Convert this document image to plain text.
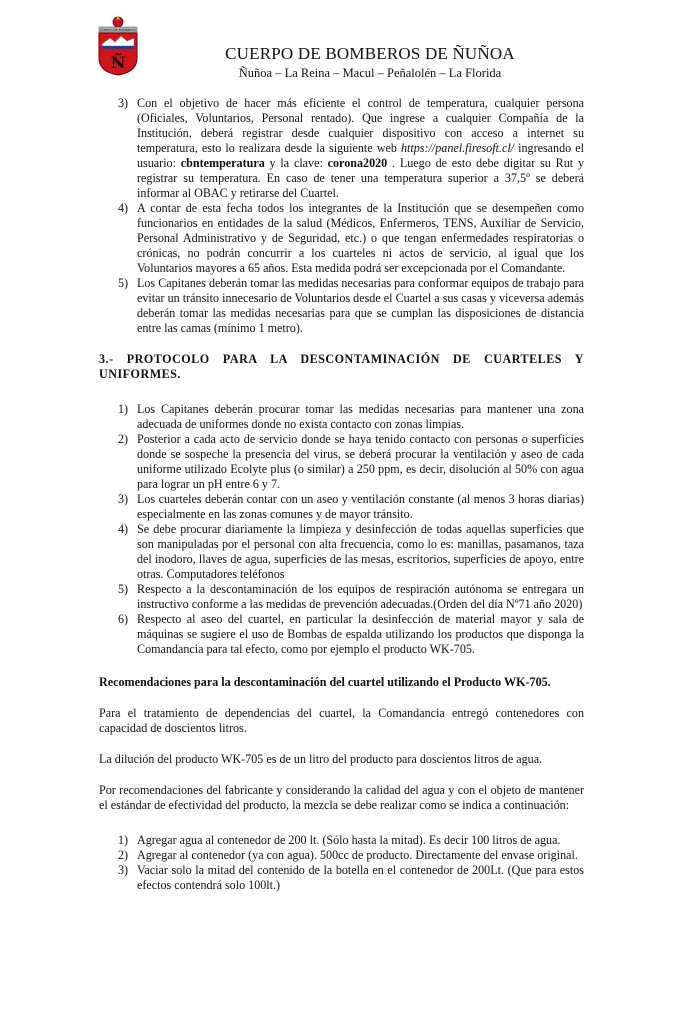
CUERPO DE BOMBEROS
Ñ	CUERPO DE BOMBEROS DE ÑUÑOA
Ñuñoa – La Reina – Macul – Peñalolén – La Florida
3) Con el objetivo de hacer más eficiente el control de temperatura, cualquier persona (Oficiales, Voluntarios, Personal rentado). Que ingrese a cualquier Compañía de la Institución, deberá registrar desde cualquier dispositivo con acceso a internet su temperatura, esto lo realizara desde la siguiente web https://panel.firesoft.cl/ ingresando el usuario: cbntemperatura y la clave: corona2020 . Luego de esto debe digitar su Rut y registrar su temperatura. En caso de tener una temperatura superior a 37,5º se deberá informar al OBAC y retirarse del Cuartel.
4) A contar de esta fecha todos los integrantes de la Institución que se desempeñen como funcionarios en entidades de la salud (Médicos, Enfermeros, TENS, Auxiliar de Servicio, Personal Administrativo y de Seguridad, etc.) o que tengan enfermedades respiratorias o crónicas, no podrán concurrir a los cuarteles ni actos de servicio, al igual que los Voluntarios mayores a 65 años. Esta medida podrá ser excepcionada por el Comandante.
5) Los Capitanes deberán tomar las medidas necesarias para conformar equipos de trabajo para evitar un tránsito innecesario de Voluntarios desde el Cuartel a sus casas y viceversa además deberán tomar las medidas necesarias para que se cumplan las disposiciones de distancia entre las camas (mínimo 1 metro).
3.- PROTOCOLO PARA LA DESCONTAMINACIÓN DE CUARTELES Y UNIFORMES.
1) Los Capitanes deberán procurar tomar las medidas necesarias para mantener una zona adecuada de uniformes donde no exista contacto con zonas limpias.
2) Posterior a cada acto de servicio donde se haya tenido contacto con personas o superficies donde se sospeche la presencia del virus, se deberá procurar la ventilación y aseo de cada uniforme utilizado Ecolyte plus (o similar) a 250 ppm, es decir, disolución al 50% con agua para lograr un pH entre 6 y 7.
3) Los cuarteles deberán contar con un aseo y ventilación constante (al menos 3 horas diarias) especialmente en las zonas comunes y de mayor tránsito.
4) Se debe procurar diariamente la limpieza y desinfección de todas aquellas superficies que son manipuladas por el personal con alta frecuencia, como lo es: manillas, pasamanos, taza del inodoro, llaves de agua, superficies de las mesas, escritorios, superficies de apoyo, entre otras. Computadores teléfonos
5) Respecto a la descontaminación de los equipos de respiración autónoma se entregara un instructivo conforme a las medidas de prevención adecuadas.(Orden del día Nº71 año 2020)
6) Respecto al aseo del cuartel, en particular la desinfección de material mayor y sala de máquinas se sugiere el uso de Bombas de espalda utilizando los productos que disponga la Comandancia para tal efecto, como por ejemplo el producto WK-705.
Recomendaciones para la descontaminación del cuartel utilizando el Producto WK-705.
Para el tratamiento de dependencias del cuartel, la Comandancia entregó contenedores con capacidad de doscientos litros.
La dilución del producto WK-705 es de un litro del producto para doscientos litros de agua.
Por recomendaciones del fabricante y considerando la calidad del agua y con el objeto de mantener el estándar de efectividad del producto, la mezcla se debe realizar como se indica a continuación:
1) Agregar agua al contenedor de 200 lt. (Sólo hasta la mitad). Es decir 100 litros de agua.
2) Agregar al contenedor (ya con agua). 500cc de producto. Directamente del envase original.
3) Vaciar solo la mitad del contenido de la botella en el contenedor de 200Lt. (Que para estos efectos contendrá solo 100lt.)
